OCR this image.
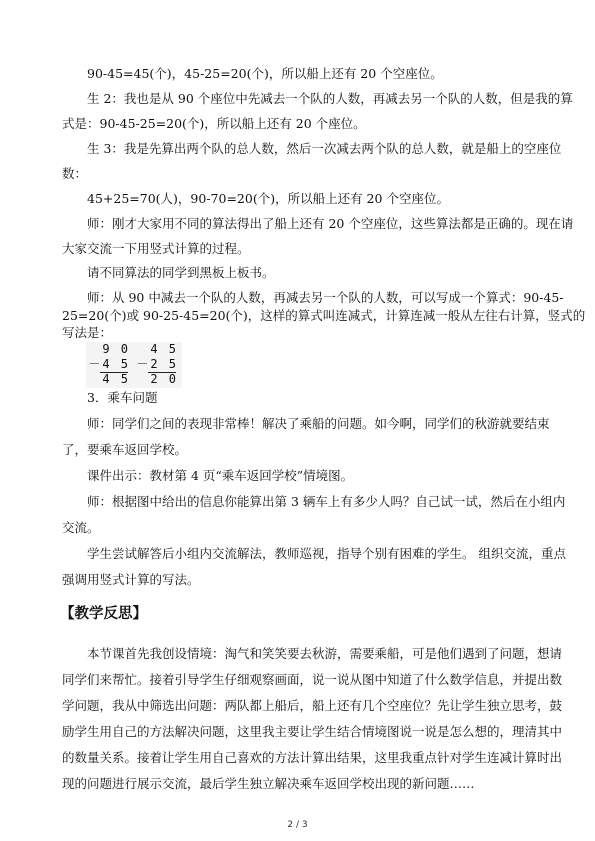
90-45=45(个)，45-25=20(个)，所以船上还有 20 个空座位。

生 2：我也是从 90 个座位中先减去一个队的人数，再减去另一个队的人数，但是我的算

式是：90-45-25=20(个)，所以船上还有 20 个座位。

生 3：我是先算出两个队的总人数，然后一次减去两个队的总人数，就是船上的空座位

数：

45+25=70(人)，90-70=20(个)，所以船上还有 20 个空座位。

师：刚才大家用不同的算法得出了船上还有 20 个空座位，这些算法都是正确的。现在请

大家交流一下用竖式计算的过程。

请不同算法的同学到黑板上板书。

师：从 90 中减去一个队的人数，再减去另一个队的人数，可以写成一个算式：90-45-

9 0
－4 5
4 5
4 5
－2 5
2 0

3．乘车问题

师：同学们之间的表现非常棒！解决了乘船的问题。如今啊，同学们的秋游就要结束

了，要乘车返回学校。

课件出示：教材第 4 页“乘车返回学校”情境图。

师：根据图中给出的信息你能算出第 3 辆车上有多少人吗？自己试一试，然后在小组内

交流。

学生尝试解答后小组内交流解法，教师巡视，指导个别有困难的学生。 组织交流，重点

强调用竖式计算的写法。

【教学反思】

本节课首先我创设情境：淘气和笑笑要去秋游，需要乘船，可是他们遇到了问题，想请

同学们来帮忙。接着引导学生仔细观察画面，说一说从图中知道了什么数学信息，并提出数

学问题，我从中筛选出问题：两队都上船后，船上还有几个空座位？先让学生独立思考，鼓

励学生用自己的方法解决问题，这里我主要让学生结合情境图说一说是怎么想的，理清其中

的数量关系。接着让学生用自己喜欢的方法计算出结果，这里我重点针对学生连减计算时出

现的问题进行展示交流，最后学生独立解决乘车返回学校出现的新问题……

2 / 3

25=20(个)或 90-25-45=20(个)，这样的算式叫连减式，计算连减一般从左往右计算，竖式的

写法是：
